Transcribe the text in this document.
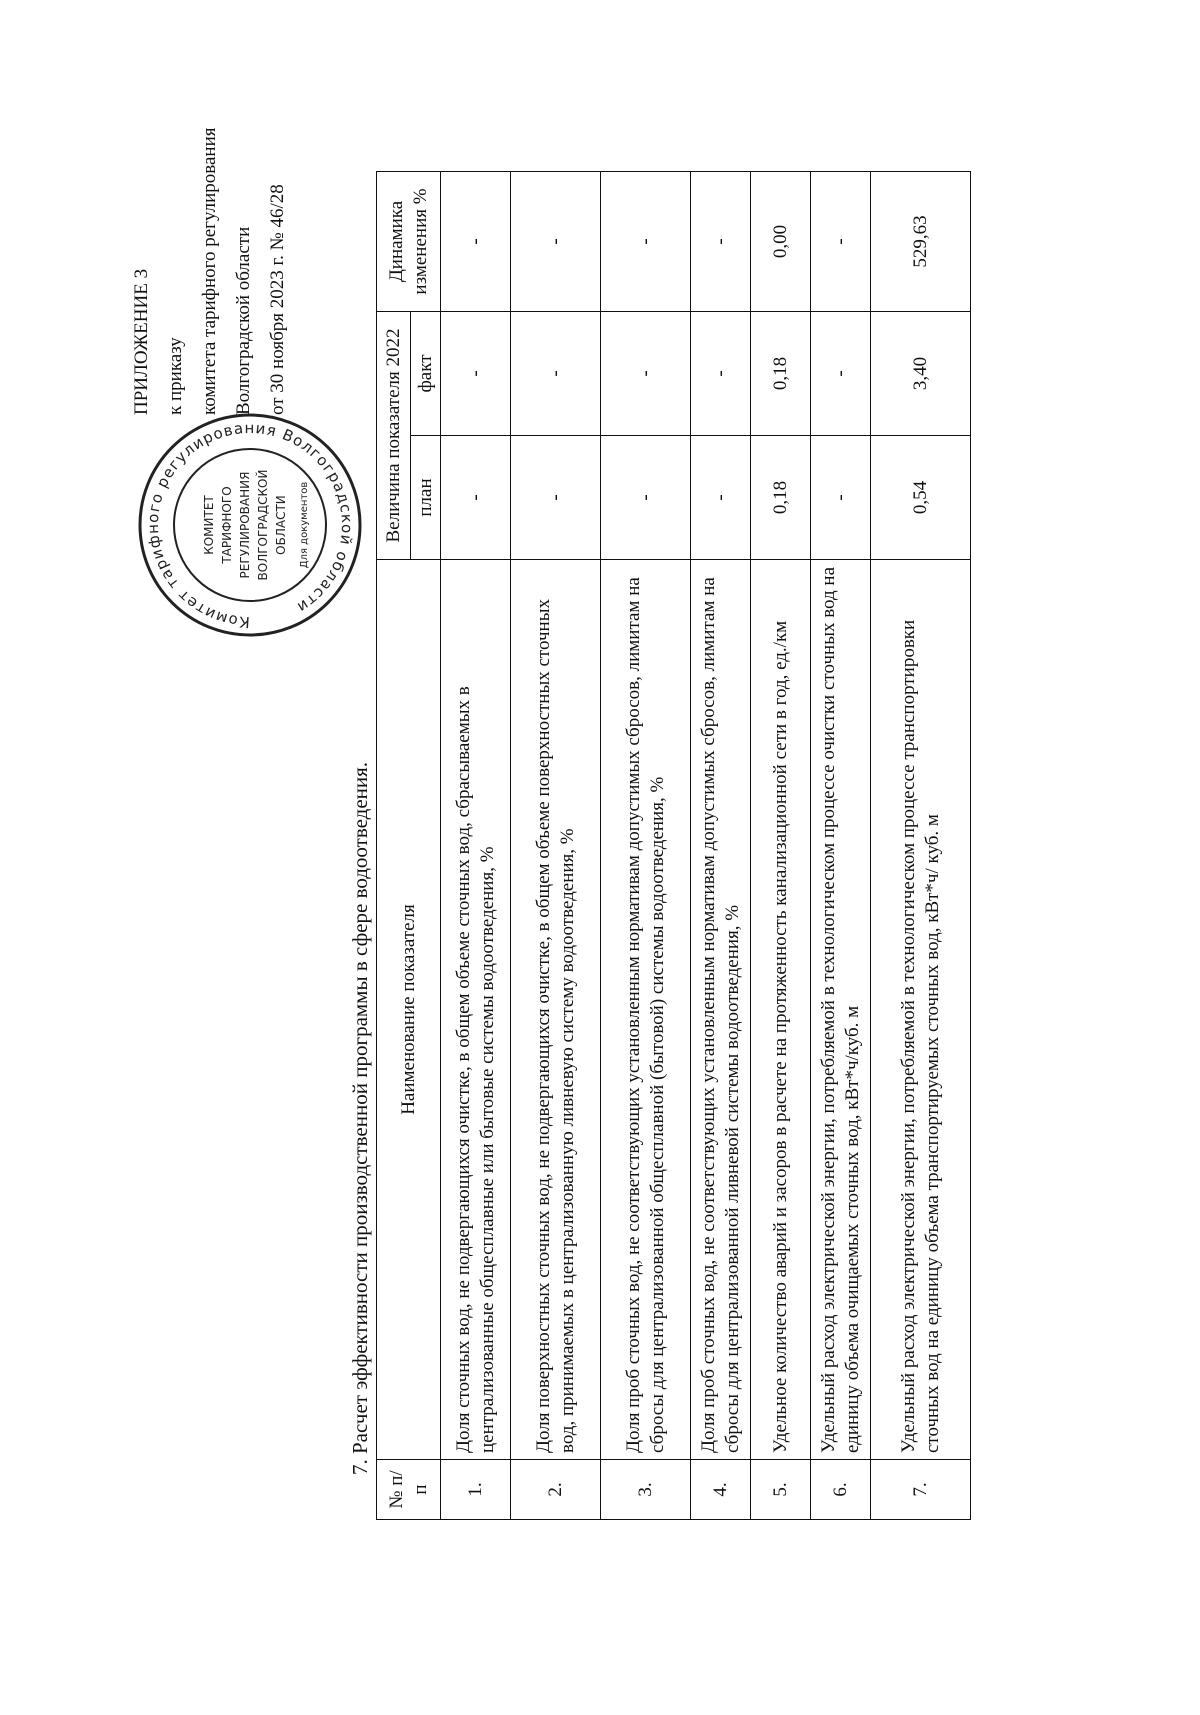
Комитет тарифного регулирования Волгоградской области
КОМИТЕТ ТАРИФНОГО РЕГУЛИРОВАНИЯ ВОЛГОГРАДСКОЙ ОБЛАСТИ Для документов
ПРИЛОЖЕНИЕ 3 к приказу комитета тарифного регулирования Волгоградской области от 30 ноября 2023 г. № 46/28
7. Расчет эффективности производственной программы в сфере водоотведения.
№ п/п	Наименование показателя	Величина показателя 2022		Динамика изменения %
		план	факт	
1.	Доля сточных вод, не подвергающихся очистке, в общем объеме сточных вод, сбрасываемых в централизованные общесплавные или бытовые системы водоотведения, %	-	-	-
2.	Доля поверхностных сточных вод, не подвергающихся очистке, в общем объеме поверхностных сточных вод, принимаемых в централизованную ливневую систему водоотведения, %	-	-	-
3.	Доля проб сточных вод, не соответствующих установленным нормативам допустимых сбросов, лимитам на сбросы для централизованной общесплавной (бытовой) системы водоотведения, %	-	-	-
4.	Доля проб сточных вод, не соответствующих установленным нормативам допустимых сбросов, лимитам на сбросы для централизованной ливневой системы водоотведения, %	-	-	-
5.	Удельное количество аварий и засоров в расчете на протяженность канализационной сети в год, ед./км	0,18	0,18	0,00
6.	Удельный расход электрической энергии, потребляемой в технологическом процессе очистки сточных вод на единицу объема очищаемых сточных вод, кВт*ч/куб. м	-	-	-
7.	Удельный расход электрической энергии, потребляемой в технологическом процессе транспортировки сточных вод на единицу объема транспортируемых сточных вод, кВт*ч/ куб. м	0,54	3,40	529,63
